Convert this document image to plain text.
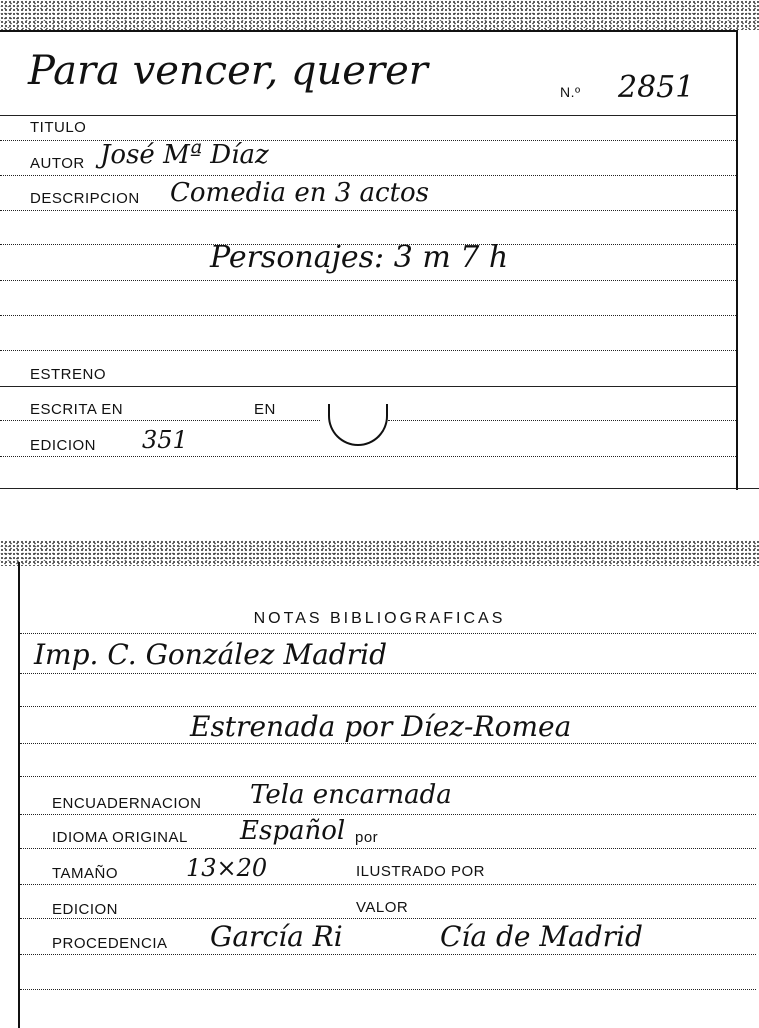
Para vencer, querer	N.º 2851
TITULO
AUTOR José Mª Díaz
DESCRIPCION Comedia en 3 actos
Personajes: 3 m 7 h
ESTRENO
ESCRITA EN	EN
EDICION 351
NOTAS BIBLIOGRAFICAS
Imp. C. González Madrid
Estrenada por Díez-Romea
ENCUADERNACION Tela encarnada
IDIOMA ORIGINAL Español por
TAMAÑO	13×20	ILUSTRADO POR
EDICION	VALOR
PROCEDENCIA García Ri	Cía de Madrid
